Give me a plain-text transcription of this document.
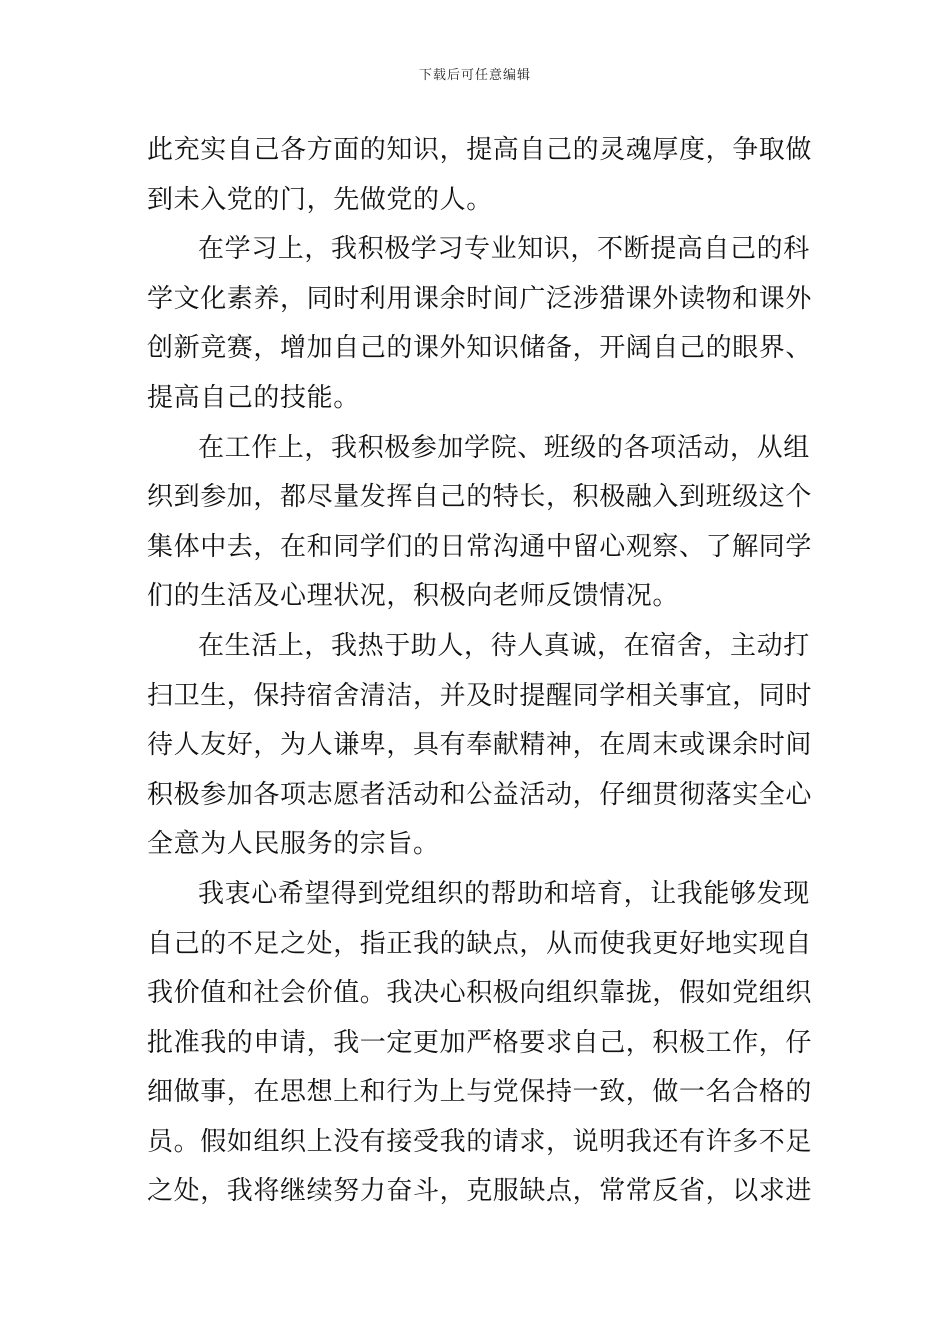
下载后可任意编辑
此充实自己各方面的知识，提高自己的灵魂厚度，争取做
到未入党的门，先做党的人。
在学习上，我积极学习专业知识，不断提高自己的科
学文化素养，同时利用课余时间广泛涉猎课外读物和课外
创新竞赛，增加自己的课外知识储备，开阔自己的眼界、
提高自己的技能。
在工作上，我积极参加学院、班级的各项活动，从组
织到参加，都尽量发挥自己的特长，积极融入到班级这个
集体中去，在和同学们的日常沟通中留心观察、了解同学
们的生活及心理状况，积极向老师反馈情况。
在生活上，我热于助人，待人真诚，在宿舍，主动打
扫卫生，保持宿舍清洁，并及时提醒同学相关事宜，同时
待人友好，为人谦卑，具有奉献精神，在周末或课余时间
积极参加各项志愿者活动和公益活动，仔细贯彻落实全心
全意为人民服务的宗旨。
我衷心希望得到党组织的帮助和培育，让我能够发现
自己的不足之处，指正我的缺点，从而使我更好地实现自
我价值和社会价值。我决心积极向组织靠拢，假如党组织
批准我的申请，我一定更加严格要求自己，积极工作，仔
细做事，在思想上和行为上与党保持一致，做一名合格的
员。假如组织上没有接受我的请求，说明我还有许多不足
之处，我将继续努力奋斗，克服缺点，常常反省，以求进
